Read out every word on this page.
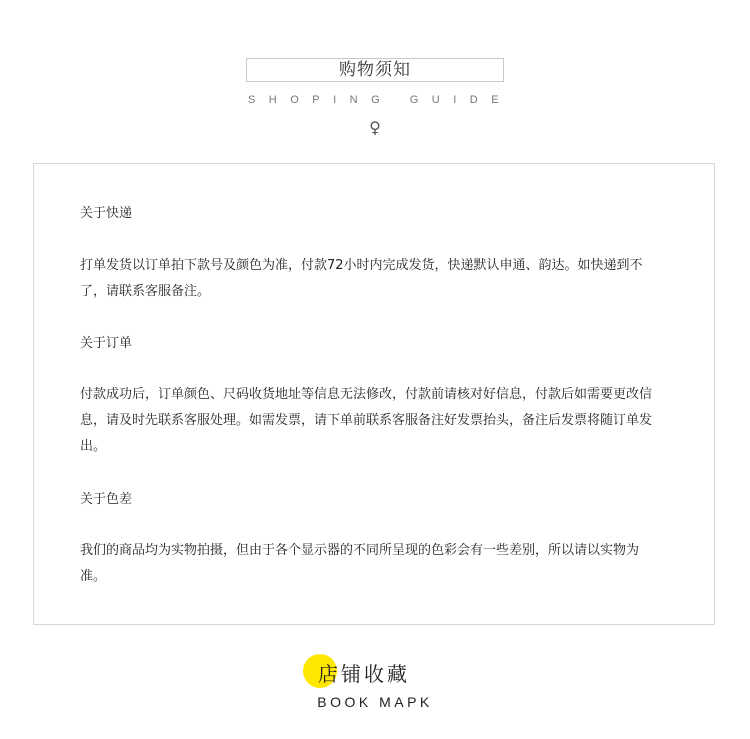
购物须知
SHOPING GUIDE
♀
关于快递

打单发货以订单拍下款号及颜色为准，付款72小时内完成发货，快递默认申通、韵达。如快递到不了，请联系客服备注。

关于订单

付款成功后，订单颜色、尺码收货地址等信息无法修改，付款前请核对好信息，付款后如需要更改信息，请及时先联系客服处理。如需发票，请下单前联系客服备注好发票抬头，备注后发票将随订单发出。

关于色差

我们的商品均为实物拍摄，但由于各个显示器的不同所呈现的色彩会有一些差别，所以请以实物为准。

店铺收藏
BOOK MAPK
